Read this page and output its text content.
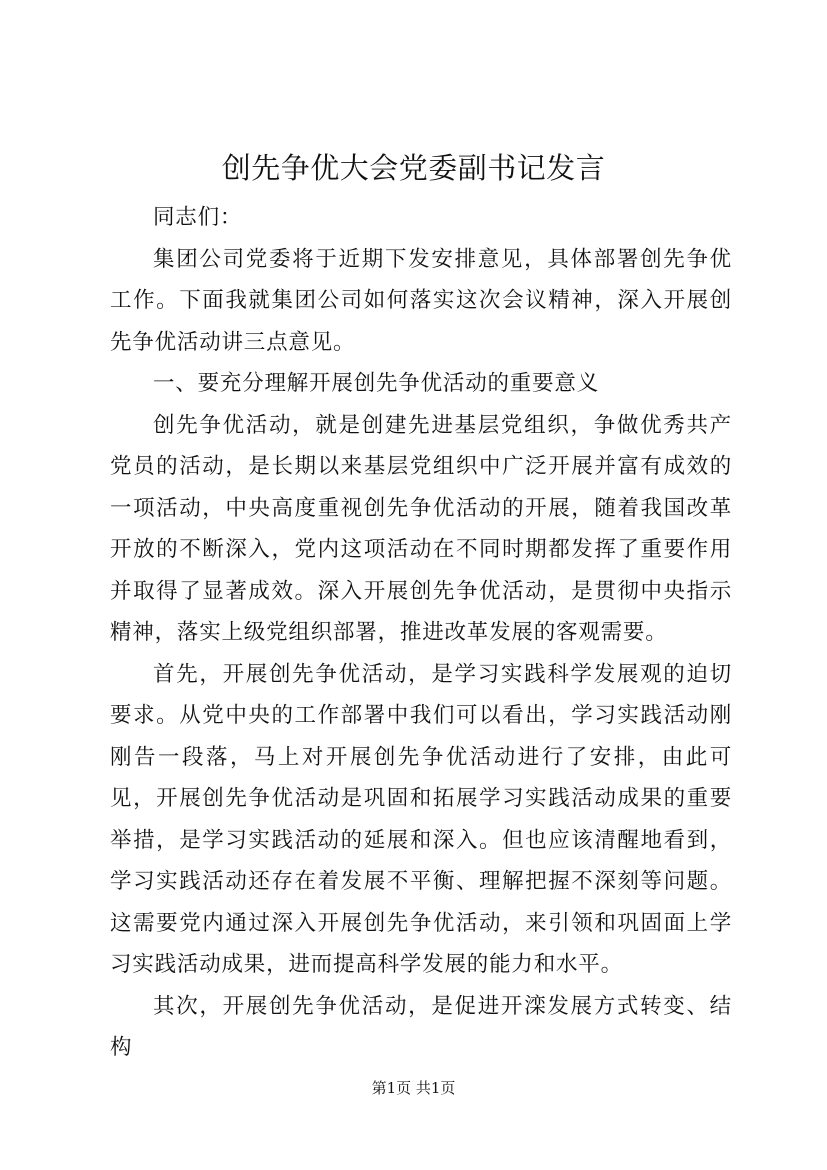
创先争优大会党委副书记发言

同志们：

集团公司党委将于近期下发安排意见，具体部署创先争优工作。下面我就集团公司如何落实这次会议精神，深入开展创先争优活动讲三点意见。

一、要充分理解开展创先争优活动的重要意义

创先争优活动，就是创建先进基层党组织，争做优秀共产党员的活动，是长期以来基层党组织中广泛开展并富有成效的一项活动，中央高度重视创先争优活动的开展，随着我国改革开放的不断深入，党内这项活动在不同时期都发挥了重要作用并取得了显著成效。深入开展创先争优活动，是贯彻中央指示精神，落实上级党组织部署，推进改革发展的客观需要。

首先，开展创先争优活动，是学习实践科学发展观的迫切要求。从党中央的工作部署中我们可以看出，学习实践活动刚刚告一段落，马上对开展创先争优活动进行了安排，由此可见，开展创先争优活动是巩固和拓展学习实践活动成果的重要举措，是学习实践活动的延展和深入。但也应该清醒地看到，学习实践活动还存在着发展不平衡、理解把握不深刻等问题。这需要党内通过深入开展创先争优活动，来引领和巩固面上学习实践活动成果，进而提高科学发展的能力和水平。

其次，开展创先争优活动，是促进开滦发展方式转变、结构

第1页 共1页
